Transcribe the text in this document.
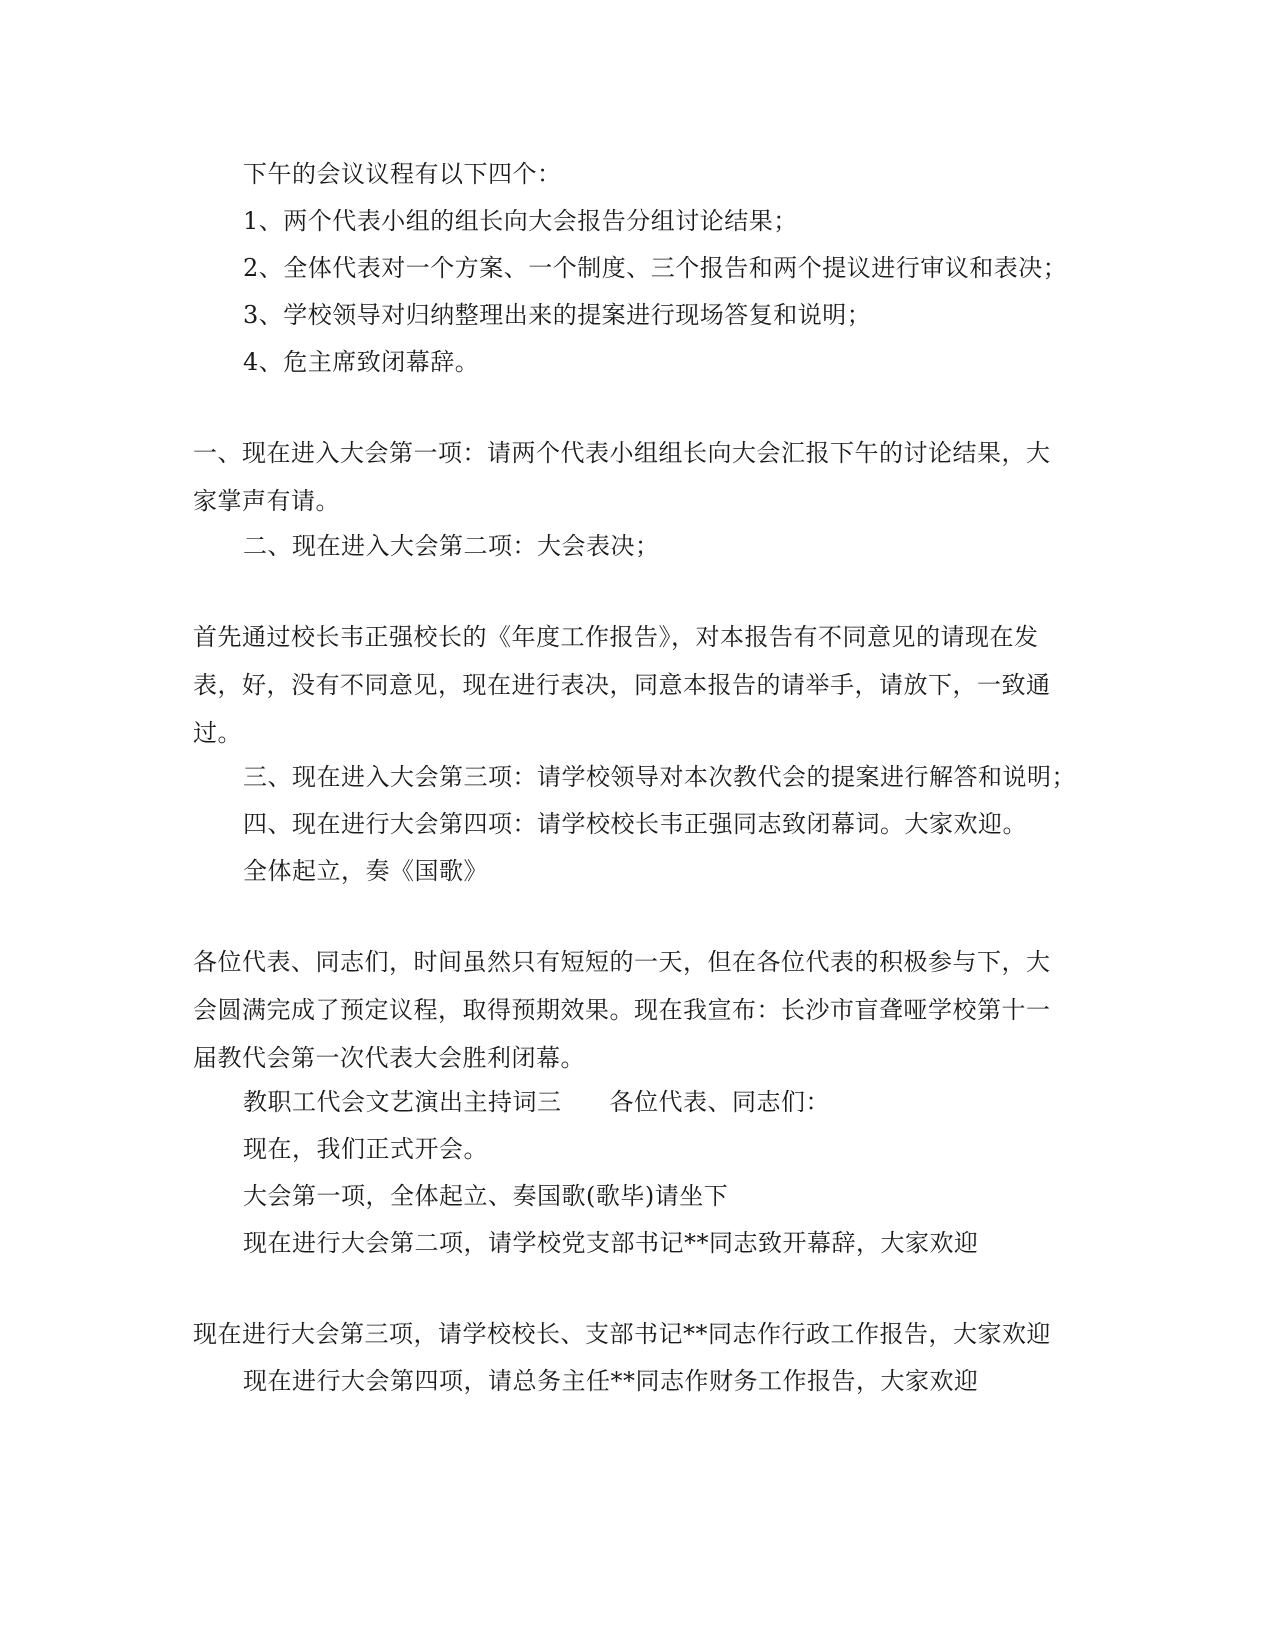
下午的会议议程有以下四个：

1、两个代表小组的组长向大会报告分组讨论结果；

2、全体代表对一个方案、一个制度、三个报告和两个提议进行审议和表决；

3、学校领导对归纳整理出来的提案进行现场答复和说明；

4、危主席致闭幕辞。

一、现在进入大会第一项：请两个代表小组组长向大会汇报下午的讨论结果，大家掌声有请。

二、现在进入大会第二项：大会表决；

首先通过校长韦正强校长的《年度工作报告》，对本报告有不同意见的请现在发表，好，没有不同意见，现在进行表决，同意本报告的请举手，请放下，一致通过。

三、现在进入大会第三项：请学校领导对本次教代会的提案进行解答和说明；

四、现在进行大会第四项：请学校校长韦正强同志致闭幕词。大家欢迎。

全体起立，奏《国歌》

各位代表、同志们，时间虽然只有短短的一天，但在各位代表的积极参与下，大会圆满完成了预定议程，取得预期效果。现在我宣布：长沙市盲聋哑学校第十一届教代会第一次代表大会胜利闭幕。

教职工代会文艺演出主持词三 各位代表、同志们：

现在，我们正式开会。

大会第一项，全体起立、奏国歌(歌毕)请坐下

现在进行大会第二项，请学校党支部书记**同志致开幕辞，大家欢迎

现在进行大会第三项，请学校校长、支部书记**同志作行政工作报告，大家欢迎

现在进行大会第四项，请总务主任**同志作财务工作报告，大家欢迎
